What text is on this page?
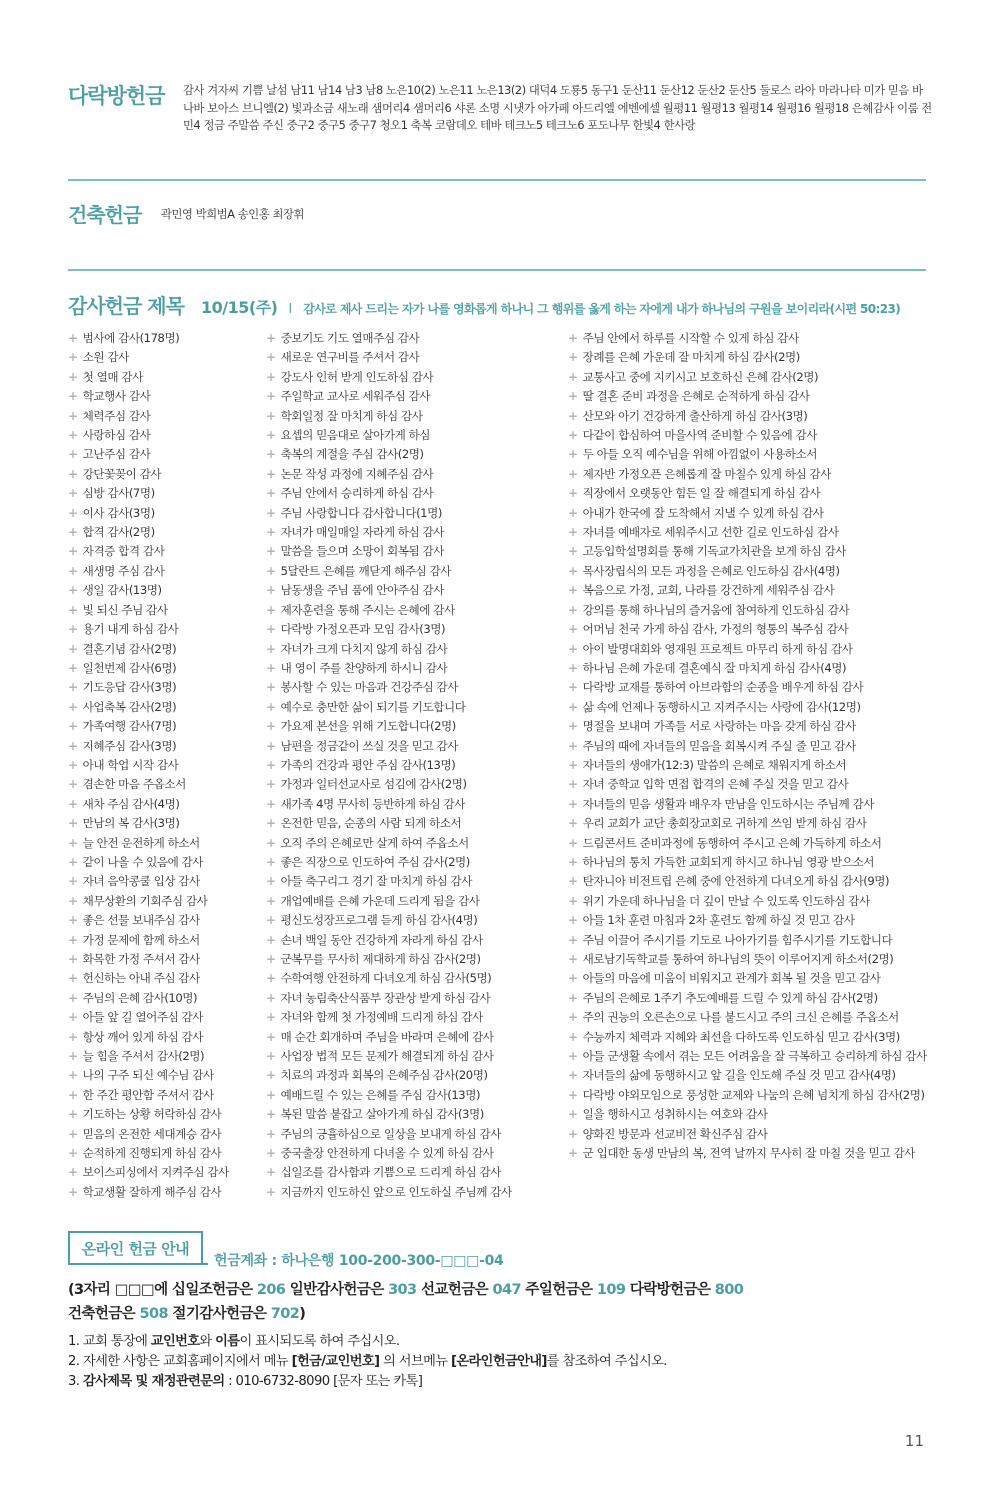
다락방헌금 감사 겨자씨 기쁨 날섬 남11 남14 남3 남8 노은10(2) 노은11 노은13(2) 대덕4 도룡5 동구1 둔산11 둔산12 둔산2 둔산5 둘로스 라아 마라나타 미가 믿음 바나바 보아스 브니엘(2) 빛과소금 새노래 샘머리4 샘머리6 샤론 소명 시냇가 아가페 아드리엘 에벤에셀 월평11 월평13 월평14 월평16 월평18 은혜감사 이룸 전민4 정금 주말씀 주신 중구2 중구5 중구7 청오1 축복 코람데오 테바 테크노5 테크노6 포도나무 한빛4 한사랑
건축헌금 곽민영 박희범A 송인홍 최장휘
감사헌금 제목 10/15(주) l 감사로 제사 드리는 자가 나를 영화롭게 하나니 그 행위를 옳게 하는 자에게 내가 하나님의 구원을 보이리라(시편 50:23)
+ 범사에 감사(178명)
+ 소원 감사
+ 첫 열매 감사
+ 학교행사 감사
+ 체력주심 감사
+ 사랑하심 감사
+ 고난주심 감사
+ 강단꽃꽂이 감사
+ 심방 감사(7명)
+ 이사 감사(3명)
+ 합격 감사(2명)
+ 자격증 합격 감사
+ 새생명 주심 감사
+ 생일 감사(13명)
+ 빛 되신 주님 감사
+ 용기 내게 하심 감사
+ 결혼기념 감사(2명)
+ 일천번제 감사(6명)
+ 기도응답 감사(3명)
+ 사업축복 감사(2명)
+ 가족여행 감사(7명)
+ 지혜주심 감사(3명)
+ 아내 학업 시작 감사
+ 겸손한 마음 주옵소서
+ 새차 주심 감사(4명)
+ 만남의 복 감사(3명)
+ 늘 안전 운전하게 하소서
+ 같이 나올 수 있음에 감사
+ 자녀 음악콩쿨 입상 감사
+ 채무상환의 기회주심 감사
+ 좋은 선물 보내주심 감사
+ 가정 문제에 함께 하소서
+ 화목한 가정 주셔서 감사
+ 헌신하는 아내 주심 감사
+ 주님의 은혜 감사(10명)
+ 아들 앞 길 열어주심 감사
+ 항상 깨어 있게 하심 감사
+ 늘 힘을 주셔서 감사(2명)
+ 나의 구주 되신 예수님 감사
+ 한 주간 평안함 주셔서 감사
+ 기도하는 상황 허락하심 감사
+ 믿음의 온전한 세대계승 감사
+ 순적하게 진행되게 하심 감사
+ 보이스피싱에서 지켜주심 감사
+ 학교생활 잘하게 해주심 감사
+ 중보기도 기도 열매주심 감사
+ 새로운 연구비를 주셔서 감사
+ 강도사 인허 받게 인도하심 감사
+ 주일학교 교사로 세워주심 감사
+ 학회일정 잘 마치게 하심 감사
+ 요셉의 믿음대로 살아가게 하심
+ 축복의 계절을 주심 감사(2명)
+ 논문 작성 과정에 지혜주심 감사
+ 주님 안에서 승리하게 하심 감사
+ 주님 사랑합니다 감사합니다(1명)
+ 자녀가 매일매일 자라게 하심 감사
+ 말씀을 들으며 소망이 회복됨 감사
+ 5달란트 은혜를 깨닫게 해주심 감사
+ 남동생을 주님 품에 안아주심 감사
+ 제자훈련을 통해 주시는 은혜에 감사
+ 다락방 가정오픈과 모임 감사(3명)
+ 자녀가 크게 다치지 않게 하심 감사
+ 내 영이 주를 찬양하게 하시니 감사
+ 봉사할 수 있는 마음과 건강주심 감사
+ 예수로 충만한 삶이 되기를 기도합니다
+ 가요제 본선을 위해 기도합니다(2명)
+ 남편을 정금같이 쓰실 것을 믿고 감사
+ 가족의 건강과 평안 주심 감사(13명)
+ 가정과 일터선교사로 섬김에 감사(2명)
+ 새가족 4명 무사히 등반하게 하심 감사
+ 온전한 믿음, 순종의 사람 되게 하소서
+ 오직 주의 은혜로만 살게 하여 주옵소서
+ 좋은 직장으로 인도하여 주심 감사(2명)
+ 아들 축구리그 경기 잘 마치게 하심 감사
+ 개업예배를 은혜 가운데 드리게 됨을 감사
+ 평신도성장프로그램 듣게 하심 감사(4명)
+ 손녀 백일 동안 건강하게 자라게 하심 감사
+ 군복무를 무사히 제대하게 하심 감사(2명)
+ 수학여행 안전하게 다녀오게 하심 감사(5명)
+ 자녀 농림축산식품부 장관상 받게 하심 감사
+ 자녀와 함께 첫 가정예배 드리게 하심 감사
+ 매 순간 회개하며 주님을 바라며 은혜에 감사
+ 사업장 법적 모든 문제가 해결되게 하심 감사
+ 치료의 과정과 회복의 은혜주심 감사(20명)
+ 예배드릴 수 있는 은혜를 주심 감사(13명)
+ 복된 말씀 붙잡고 살아가게 하심 감사(3명)
+ 주님의 긍휼하심으로 일상을 보내게 하심 감사
+ 중국출장 안전하게 다녀올 수 있게 하심 감사
+ 십일조를 감사함과 기쁨으로 드리게 하심 감사
+ 지금까지 인도하신 앞으로 인도하실 주님께 감사
+ 주님 안에서 하루를 시작할 수 있게 하심 감사
+ 장례를 은혜 가운데 잘 마치게 하심 감사(2명)
+ 교통사고 중에 지키시고 보호하신 은혜 감사(2명)
+ 딸 결혼 준비 과정을 은혜로 순적하게 하심 감사
+ 산모와 아기 건강하게 출산하게 하심 감사(3명)
+ 다같이 합심하여 마을사역 준비할 수 있음에 감사
+ 두 아들 오직 예수님을 위해 아낌없이 사용하소서
+ 제자반 가정오픈 은혜롭게 잘 마칠수 있게 하심 감사
+ 직장에서 오랫동안 힘든 일 잘 해결되게 하심 감사
+ 아내가 한국에 잘 도착해서 지낼 수 있게 하심 감사
+ 자녀를 예배자로 세워주시고 선한 길로 인도하심 감사
+ 고등입학설명회를 통해 기독교가치관을 보게 하심 감사
+ 목사장립식의 모든 과정을 은혜로 인도하심 감사(4명)
+ 복음으로 가정, 교회, 나라를 강건하게 세워주심 감사
+ 강의를 통해 하나님의 즐거움에 참여하게 인도하심 감사
+ 어머님 천국 가게 하심 감사, 가정의 형통의 복주심 감사
+ 아이 발명대회와 영재원 프로젝트 마무리 하게 하심 감사
+ 하나님 은혜 가운데 결혼예식 잘 마치게 하심 감사(4명)
+ 다락방 교재를 통하여 아브라함의 순종을 배우게 하심 감사
+ 삶 속에 언제나 동행하시고 지켜주시는 사랑에 감사(12명)
+ 명절을 보내며 가족들 서로 사랑하는 마음 갖게 하심 감사
+ 주님의 때에 자녀들의 믿음을 회복시켜 주실 줄 믿고 감사
+ 자녀들의 생애가(12:3) 말씀의 은혜로 채워지게 하소서
+ 자녀 중학교 입학 면접 합격의 은혜 주실 것을 믿고 감사
+ 자녀들의 믿음 생활과 배우자 만남을 인도하시는 주님께 감사
+ 우리 교회가 교단 총회장교회로 귀하게 쓰임 받게 하심 감사
+ 드림콘서트 준비과정에 동행하여 주시고 은혜 가득하게 하소서
+ 하나님의 통치 가득한 교회되게 하시고 하나님 영광 받으소서
+ 탄자니아 비전트립 은혜 중에 안전하게 다녀오게 하심 감사(9명)
+ 위기 가운데 하나님을 더 깊이 만날 수 있도록 인도하심 감사
+ 아들 1차 훈련 마침과 2차 훈련도 함께 하실 것 믿고 감사
+ 주님 이끌어 주시기를 기도로 나아가기를 힘주시기를 기도합니다
+ 새로남기독학교를 통하여 하나님의 뜻이 이루어지게 하소서(2명)
+ 아들의 마음에 미움이 비워지고 관계가 회복 될 것을 믿고 감사
+ 주님의 은혜로 1주기 추도예배를 드릴 수 있게 하심 감사(2명)
+ 주의 권능의 오른손으로 나를 붙드시고 주의 크신 은혜를 주옵소서
+ 수능까지 체력과 지혜와 최선을 다하도록 인도하심 믿고 감사(3명)
+ 아들 군생활 속에서 겪는 모든 어려움을 잘 극복하고 승리하게 하심 감사
+ 자녀들의 삶에 동행하시고 앞 길을 인도해 주실 것 믿고 감사(4명)
+ 다락방 야외모임으로 풍성한 교제와 나눔의 은혜 넘치게 하심 감사(2명)
+ 일을 행하시고 성취하시는 여호와 감사
+ 양화진 방문과 선교비전 확신주심 감사
+ 군 입대한 동생 만남의 복, 전역 날까지 무사히 잘 마칠 것을 믿고 감사
온라인 헌금 안내
헌금계좌 : 하나은행 100-200-300-□□□-04
(3자리 □□□에 십일조헌금은 206 일반감사헌금은 303 선교헌금은 047 주일헌금은 109 다락방헌금은 800
건축헌금은 508 절기감사헌금은 702)
1. 교회 통장에 교인번호와 이름이 표시되도록 하여 주십시오.
2. 자세한 사항은 교회홈페이지에서 메뉴 [헌금/교인번호] 의 서브메뉴 [온라인헌금안내]를 참조하여 주십시오.
3. 감사제목 및 재정관련문의 : 010-6732-8090 [문자 또는 카톡]
11
